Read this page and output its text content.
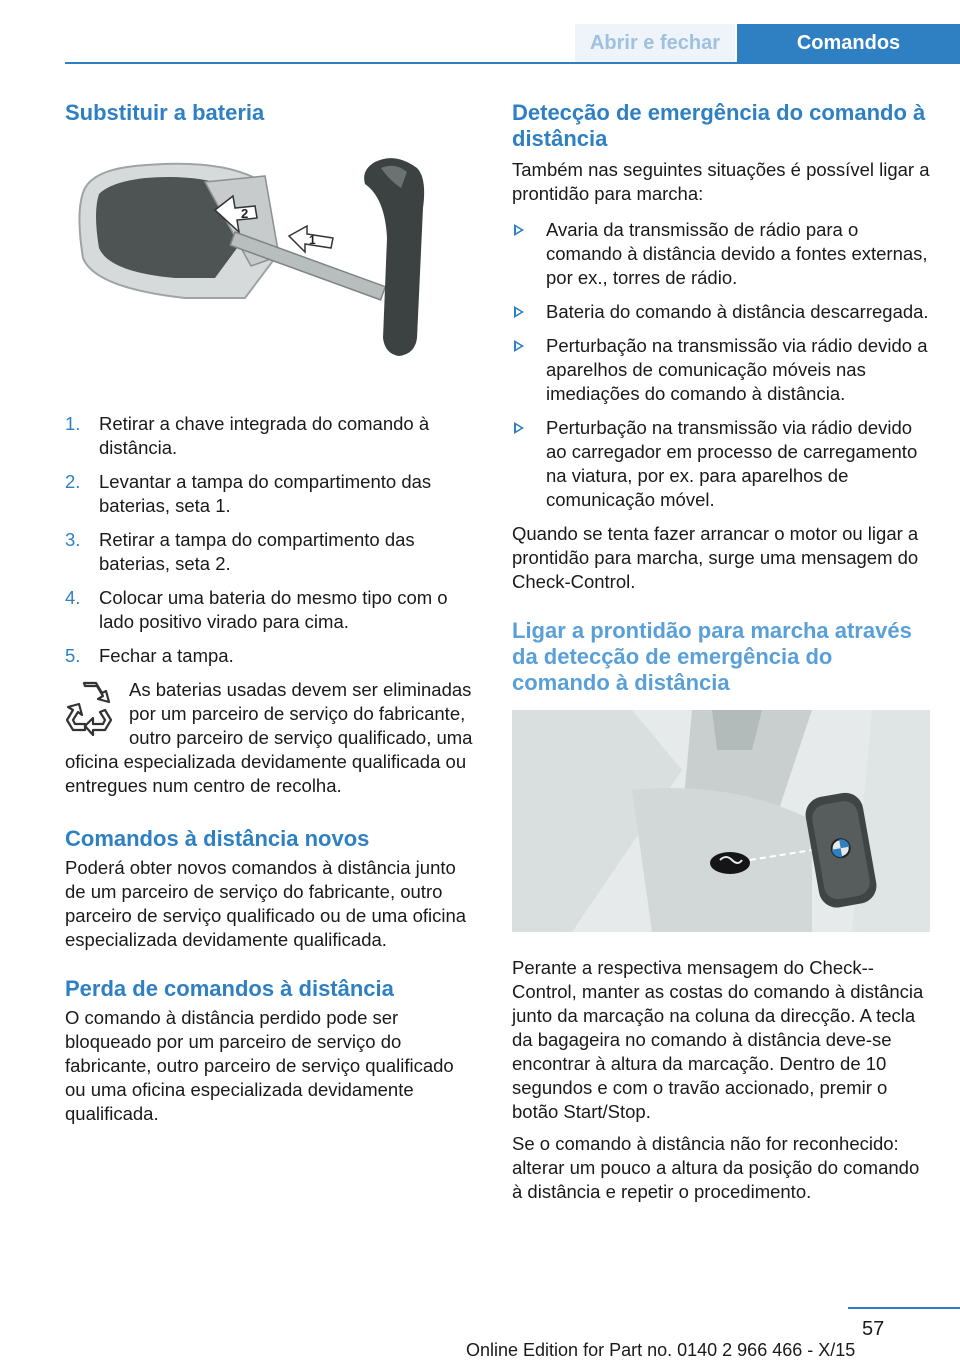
Abrir e fechar	Comandos
Substituir a bateria
2
1
1. Retirar a chave integrada do comando à distância.
2. Levantar a tampa do compartimento das baterias, seta 1.
3. Retirar a tampa do compartimento das baterias, seta 2.
4. Colocar uma bateria do mesmo tipo com o lado positivo virado para cima.
5. Fechar a tampa.

As baterias usadas devem ser eliminadas por um parceiro de serviço do fabricante, outro parceiro de serviço qualificado, uma oficina especializada devidamente qualificada ou entregues num centro de recolha.

Comandos à distância novos

Poderá obter novos comandos à distância junto de um parceiro de serviço do fabricante, outro parceiro de serviço qualificado ou de uma oficina especializada devidamente qualificada.

Perda de comandos à distância

O comando à distância perdido pode ser bloqueado por um parceiro de serviço do fabricante, outro parceiro de serviço qualificado ou uma oficina especializada devidamente qualificada.

Detecção de emergência do comando à distância

Também nas seguintes situações é possível ligar a prontidão para marcha:

Avaria da transmissão de rádio para o comando à distância devido a fontes externas, por ex., torres de rádio.
Bateria do comando à distância descarregada.
Perturbação na transmissão via rádio devido a aparelhos de comunicação móveis nas imediações do comando à distância.
Perturbação na transmissão via rádio devido ao carregador em processo de carregamento na viatura, por ex. para aparelhos de comunicação móvel.

Quando se tenta fazer arrancar o motor ou ligar a prontidão para marcha, surge uma mensagem do Check-Control.

Ligar a prontidão para marcha através da detecção de emergência do comando à distância

Perante a respectiva mensagem do Check--Control, manter as costas do comando à distância junto da marcação na coluna da direcção. A tecla da bagageira no comando à distância deve-se encontrar à altura da marcação. Dentro de 10 segundos e com o travão accionado, premir o botão Start/Stop.

Se o comando à distância não for reconhecido: alterar um pouco a altura da posição do comando à distância e repetir o procedimento.

57
Online Edition for Part no. 0140 2 966 466 - X/15
